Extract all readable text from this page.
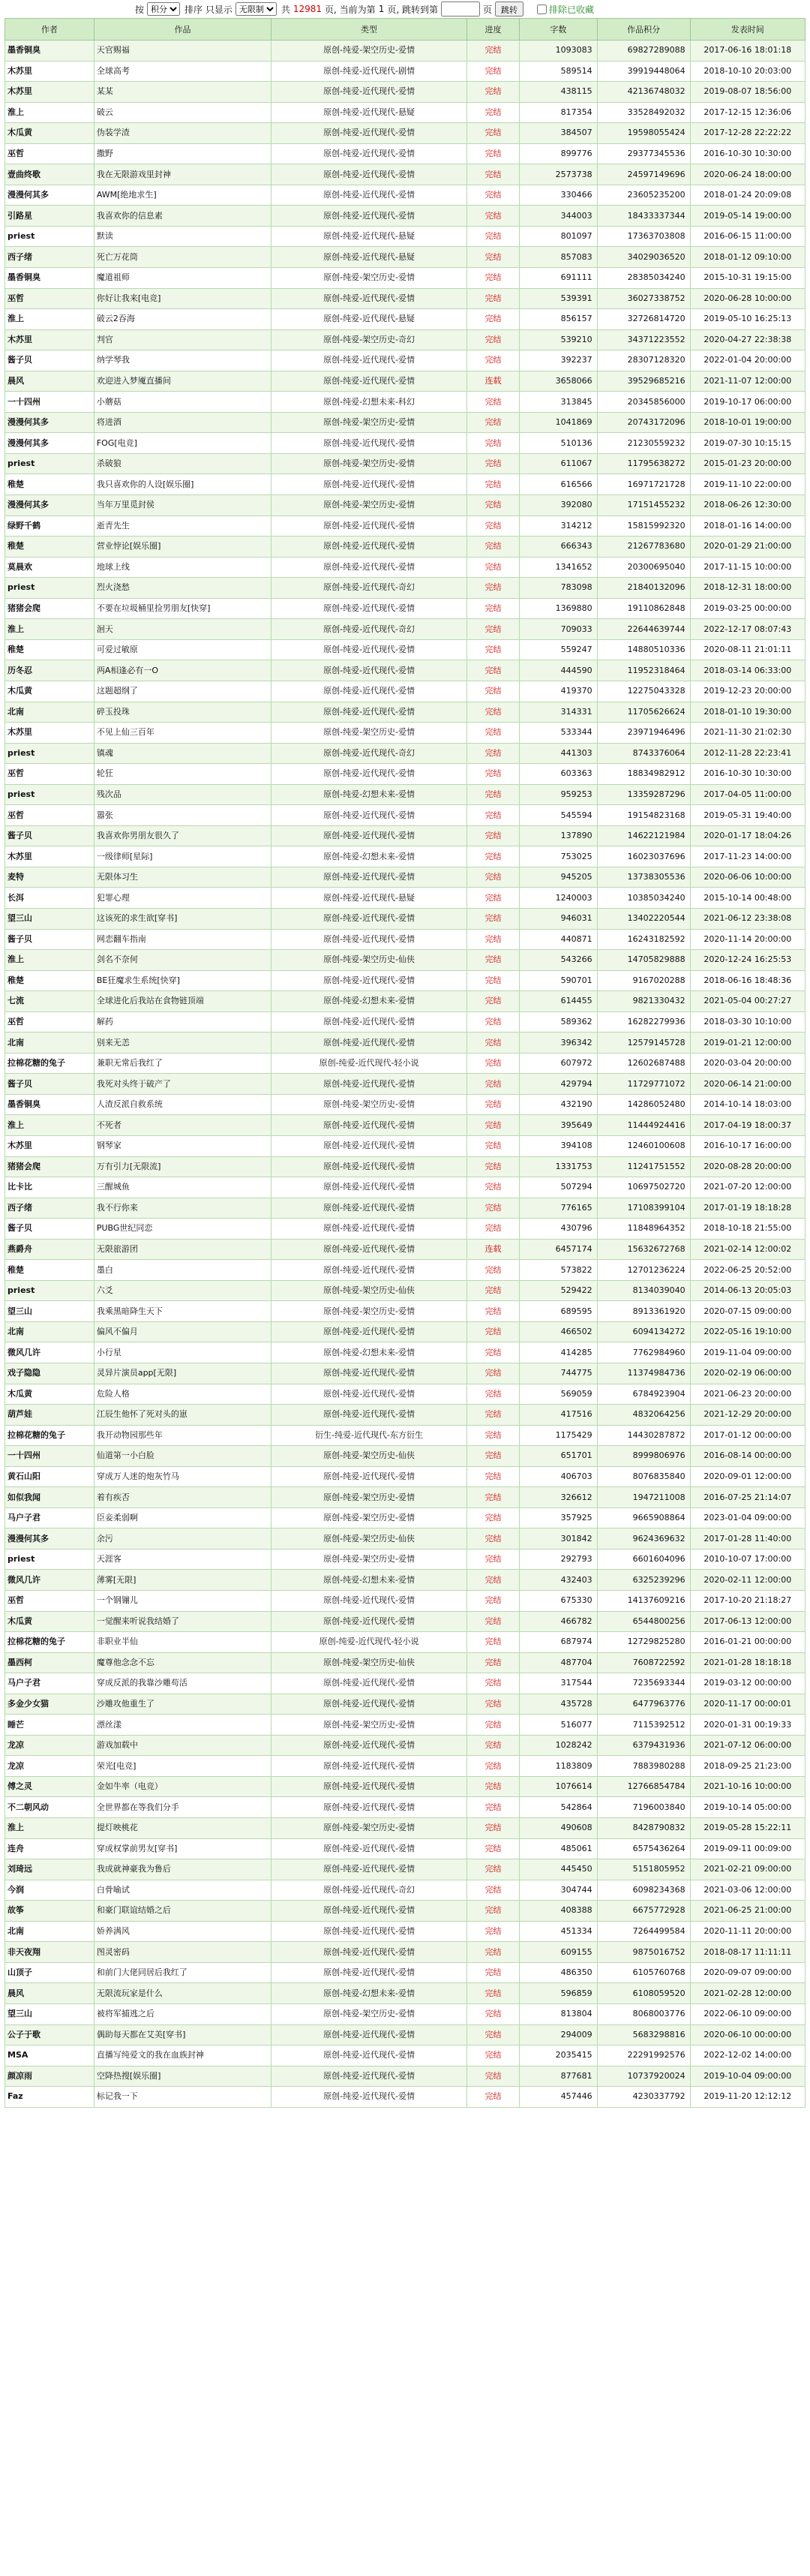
按
积分	排序 只显示
无限制	共 12981 页, 当前为第 1 页, 跳转到第	页	跳转	排除已收藏
作者	作品	类型	进度	字数	作品积分	发表时间
墨香铜臭	天官赐福	原创-纯爱-架空历史-爱情	完结	1093083	69827289088	2017-06-16 18:01:18
木苏里	全球高考	原创-纯爱-近代现代-剧情	完结	589514	39919448064	2018-10-10 20:03:00
木苏里	某某	原创-纯爱-近代现代-爱情	完结	438115	42136748032	2019-08-07 18:56:00
淮上	破云	原创-纯爱-近代现代-悬疑	完结	817354	33528492032	2017-12-15 12:36:06
木瓜黄	伪装学渣	原创-纯爱-近代现代-爱情	完结	384507	19598055424	2017-12-28 22:22:22
巫哲	撒野	原创-纯爱-近代现代-爱情	完结	899776	29377345536	2016-10-30 10:30:00
壹曲终歌	我在无限游戏里封神	原创-纯爱-近代现代-爱情	完结	2573738	24597149696	2020-06-24 18:00:00
漫漫何其多	AWM[绝地求生]	原创-纯爱-近代现代-爱情	完结	330466	23605235200	2018-01-24 20:09:08
引路星	我喜欢你的信息素	原创-纯爱-近代现代-爱情	完结	344003	18433337344	2019-05-14 19:00:00
priest	默读	原创-纯爱-近代现代-悬疑	完结	801097	17363703808	2016-06-15 11:00:00
西子绪	死亡万花筒	原创-纯爱-近代现代-悬疑	完结	857083	34029036520	2018-01-12 09:10:00
墨香铜臭	魔道祖师	原创-纯爱-架空历史-爱情	完结	691111	28385034240	2015-10-31 19:15:00
巫哲	你好让我来[电竞]	原创-纯爱-近代现代-爱情	完结	539391	36027338752	2020-06-28 10:00:00
淮上	破云2吞海	原创-纯爱-近代现代-悬疑	完结	856157	32726814720	2019-05-10 16:25:13
木苏里	判官	原创-纯爱-架空历史-奇幻	完结	539210	34371223552	2020-04-27 22:38:38
酱子贝	纳学琴我	原创-纯爱-近代现代-爱情	完结	392237	28307128320	2022-01-04 20:00:00
晨风	欢迎进入梦魇直播间	原创-纯爱-近代现代-爱情	连载	3658066	39529685216	2021-11-07 12:00:00
一十四州	小蘑菇	原创-纯爱-幻想未来-科幻	完结	313845	20345856000	2019-10-17 06:00:00
漫漫何其多	将进酒	原创-纯爱-架空历史-爱情	完结	1041869	20743172096	2018-10-01 19:00:00
漫漫何其多	FOG[电竞]	原创-纯爱-近代现代-爱情	完结	510136	21230559232	2019-07-30 10:15:15
priest	杀破狼	原创-纯爱-架空历史-爱情	完结	611067	11795638272	2015-01-23 20:00:00
稚楚	我只喜欢你的人设[娱乐圈]	原创-纯爱-近代现代-爱情	完结	616566	16971721728	2019-11-10 22:00:00
漫漫何其多	当年万里觅封侯	原创-纯爱-架空历史-爱情	完结	392080	17151455232	2018-06-26 12:30:00
绿野千鹤	逝青先生	原创-纯爱-近代现代-爱情	完结	314212	15815992320	2018-01-16 14:00:00
稚楚	营业悖论[娱乐圈]	原创-纯爱-近代现代-爱情	完结	666343	21267783680	2020-01-29 21:00:00
莫晨欢	地球上线	原创-纯爱-近代现代-爱情	完结	1341652	20300695040	2017-11-15 10:00:00
priest	烈火浇愁	原创-纯爱-近代现代-奇幻	完结	783098	21840132096	2018-12-31 18:00:00
猪猪会爬	不要在垃圾桶里捡男朋友[快穿]	原创-纯爱-近代现代-爱情	完结	1369880	19110862848	2019-03-25 00:00:00
淮上	洄天	原创-纯爱-近代现代-奇幻	完结	709033	22644639744	2022-12-17 08:07:43
稚楚	可爱过敏原	原创-纯爱-近代现代-爱情	完结	559247	14880510336	2020-08-11 21:01:11
历冬忍	两A相逢必有一O	原创-纯爱-近代现代-爱情	完结	444590	11952318464	2018-03-14 06:33:00
木瓜黄	这题超纲了	原创-纯爱-近代现代-爱情	完结	419370	12275043328	2019-12-23 20:00:00
北南	碎玉投珠	原创-纯爱-近代现代-爱情	完结	314331	11705626624	2018-01-10 19:30:00
木苏里	不见上仙三百年	原创-纯爱-架空历史-爱情	完结	533344	23971946496	2021-11-30 21:02:30
priest	镇魂	原创-纯爱-近代现代-奇幻	完结	441303	8743376064	2012-11-28 22:23:41
巫哲	轮狂	原创-纯爱-近代现代-爱情	完结	603363	18834982912	2016-10-30 10:30:00
priest	残次品	原创-纯爱-幻想未来-爱情	完结	959253	13359287296	2017-04-05 11:00:00
巫哲	嚣张	原创-纯爱-近代现代-爱情	完结	545594	19154823168	2019-05-31 19:40:00
酱子贝	我喜欢你男朋友很久了	原创-纯爱-近代现代-爱情	完结	137890	14622121984	2020-01-17 18:04:26
木苏里	一级律师[星际]	原创-纯爱-幻想未来-爱情	完结	753025	16023037696	2017-11-23 14:00:00
麦特	无限体习生	原创-纯爱-近代现代-爱情	完结	945205	13738305536	2020-06-06 10:00:00
长洱	犯罪心理	原创-纯爱-近代现代-悬疑	完结	1240003	10385034240	2015-10-14 00:48:00
望三山	这该死的求生欲[穿书]	原创-纯爱-近代现代-爱情	完结	946031	13402220544	2021-06-12 23:38:08
酱子贝	网恋翻车指南	原创-纯爱-近代现代-爱情	完结	440871	16243182592	2020-11-14 20:00:00
淮上	剑名不奈何	原创-纯爱-架空历史-仙侠	完结	543266	14705829888	2020-12-24 16:25:53
稚楚	BE狂魔求生系统[快穿]	原创-纯爱-近代现代-爱情	完结	590701	9167020288	2018-06-16 18:48:36
七流	全球进化后我站在食物链顶端	原创-纯爱-幻想未来-爱情	完结	614455	9821330432	2021-05-04 00:27:27
巫哲	解药	原创-纯爱-近代现代-爱情	完结	589362	16282279936	2018-03-30 10:10:00
北南	别来无恙	原创-纯爱-近代现代-爱情	完结	396342	12579145728	2019-01-21 12:00:00
拉棉花糖的兔子	兼职无常后我红了	原创-纯爱-近代现代-轻小说	完结	607972	12602687488	2020-03-04 20:00:00
酱子贝	我死对头终于破产了	原创-纯爱-近代现代-爱情	完结	429794	11729771072	2020-06-14 21:00:00
墨香铜臭	人渣反派自救系统	原创-纯爱-架空历史-爱情	完结	432190	14286052480	2014-10-14 18:03:00
淮上	不死者	原创-纯爱-近代现代-爱情	完结	395649	11444924416	2017-04-19 18:00:37
木苏里	钢琴家	原创-纯爱-近代现代-爱情	完结	394108	12460100608	2016-10-17 16:00:00
猪猪会爬	万有引力[无限流]	原创-纯爱-近代现代-爱情	完结	1331753	11241751552	2020-08-28 20:00:00
比卡比	三醒城鱼	原创-纯爱-近代现代-爱情	完结	507294	10697502720	2021-07-20 12:00:00
西子绪	我不行你来	原创-纯爱-近代现代-爱情	完结	776165	17108399104	2017-01-19 18:18:28
酱子贝	PUBG世纪同恋	原创-纯爱-近代现代-爱情	完结	430796	11848964352	2018-10-18 21:55:00
燕爵舟	无限旅游团	原创-纯爱-近代现代-爱情	连载	6457174	15632672768	2021-02-14 12:00:02
稚楚	墨白	原创-纯爱-近代现代-爱情	完结	573822	12701236224	2022-06-25 20:52:00
priest	六爻	原创-纯爱-架空历史-仙侠	完结	529422	8134039040	2014-06-13 20:05:03
望三山	我乘黑暗降生天下	原创-纯爱-架空历史-爱情	完结	689595	8913361920	2020-07-15 09:00:00
北南	偏风不偏月	原创-纯爱-近代现代-爱情	完结	466502	6094134272	2022-05-16 19:10:00
微风几许	小行星	原创-纯爱-幻想未来-爱情	完结	414285	7762984960	2019-11-04 09:00:00
戏子隐隐	灵异片演员app[无限]	原创-纯爱-近代现代-爱情	完结	744775	11374984736	2020-02-19 06:00:00
木瓜黄	危险人格	原创-纯爱-近代现代-爱情	完结	569059	6784923904	2021-06-23 20:00:00
葫芦娃	江辰生他怀了死对头的崽	原创-纯爱-近代现代-爱情	完结	417516	4832064256	2021-12-29 20:00:00
拉棉花糖的兔子	我开动物园那些年	衍生-纯爱-近代现代-东方衍生	完结	1175429	14430287872	2017-01-12 00:00:00
一十四州	仙道第一小白脸	原创-纯爱-架空历史-仙侠	完结	651701	8999806976	2016-08-14 00:00:00
黄石山阳	穿成万人迷的炮灰竹马	原创-纯爱-近代现代-爱情	完结	406703	8076835840	2020-09-01 12:00:00
如似我闻	着有疾否	原创-纯爱-架空历史-爱情	完结	326612	1947211008	2016-07-25 21:14:07
马户子君	臣妾柔弱啊	原创-纯爱-架空历史-爱情	完结	357925	9665908864	2023-01-04 09:00:00
漫漫何其多	余污	原创-纯爱-架空历史-仙侠	完结	301842	9624369632	2017-01-28 11:40:00
priest	天涯客	原创-纯爱-架空历史-爱情	完结	292793	6601604096	2010-10-07 17:00:00
微风几许	薄雾[无限]	原创-纯爱-幻想未来-爱情	完结	432403	6325239296	2020-02-11 12:00:00
巫哲	一个钢镚儿	原创-纯爱-近代现代-爱情	完结	675330	14137609216	2017-10-20 21:18:27
木瓜黄	一觉醒来听说我结婚了	原创-纯爱-近代现代-爱情	完结	466782	6544800256	2017-06-13 12:00:00
拉棉花糖的兔子	非职业半仙	原创-纯爱-近代现代-轻小说	完结	687974	12729825280	2016-01-21 00:00:00
墨西柯	魔尊他念念不忘	原创-纯爱-架空历史-仙侠	完结	487704	7608722592	2021-01-28 18:18:18
马户子君	穿成反派的我靠沙雕苟活	原创-纯爱-近代现代-爱情	完结	317544	7235693344	2019-03-12 00:00:00
多金少女猫	沙雕攻他重生了	原创-纯爱-近代现代-爱情	完结	435728	6477963776	2020-11-17 00:00:01
睡芒	漂丝漾	原创-纯爱-架空历史-爱情	完结	516077	7115392512	2020-01-31 00:19:33
龙凉	游戏加载中	原创-纯爱-近代现代-爱情	完结	1028242	6379431936	2021-07-12 06:00:00
龙凉	荣光[电竞]	原创-纯爱-近代现代-爱情	完结	1183809	7883980288	2018-09-25 21:23:00
傅之灵	金如牛率（电竞）	原创-纯爱-近代现代-爱情	完结	1076614	12766854784	2021-10-16 10:00:00
不二朝风动	全世界都在等我们分手	原创-纯爱-近代现代-爱情	完结	542864	7196003840	2019-10-14 05:00:00
淮上	提灯映桃花	原创-纯爱-架空历史-爱情	完结	490608	8428790832	2019-05-28 15:22:11
连舟	穿成权掌前男友[穿书]	原创-纯爱-近代现代-爱情	完结	485061	6575436264	2019-09-11 00:09:00
刘琦远	我成就神豪我为鲁后	原创-纯爱-近代现代-爱情	完结	445450	5151805952	2021-02-21 09:00:00
今润	白骨喻试	原创-纯爱-近代现代-奇幻	完结	304744	6098234368	2021-03-06 12:00:00
故筝	和豪门联谊结婚之后	原创-纯爱-近代现代-爱情	完结	408388	6675772928	2021-06-25 21:00:00
北南	娇养满风	原创-纯爱-近代现代-爱情	完结	451334	7264499584	2020-11-11 20:00:00
非天夜翔	图灵密码	原创-纯爱-近代现代-爱情	完结	609155	9875016752	2018-08-17 11:11:11
山顶子	和前门大佬同居后我红了	原创-纯爱-近代现代-爱情	完结	486350	6105760768	2020-09-07 09:00:00
晨风	无限流玩家是什么	原创-纯爱-幻想未来-爱情	完结	596859	6108059520	2021-02-28 12:00:00
望三山	被将军捕逃之后	原创-纯爱-架空历史-爱情	完结	813804	8068003776	2022-06-10 09:00:00
公子于歌	偶助每天都在艾美[穿书]	原创-纯爱-近代现代-爱情	完结	294009	5683298816	2020-06-10 00:00:00
MSA	直播写纯爱文的我在血族封神	原创-纯爱-近代现代-爱情	完结	2035415	22291992576	2022-12-02 14:00:00
颜凉雨	空降热搜[娱乐圈]	原创-纯爱-近代现代-爱情	完结	877681	10737920024	2019-10-04 09:00:00
Faz	标记我一下	原创-纯爱-近代现代-爱情	完结	457446	4230337792	2019-11-20 12:12:12
